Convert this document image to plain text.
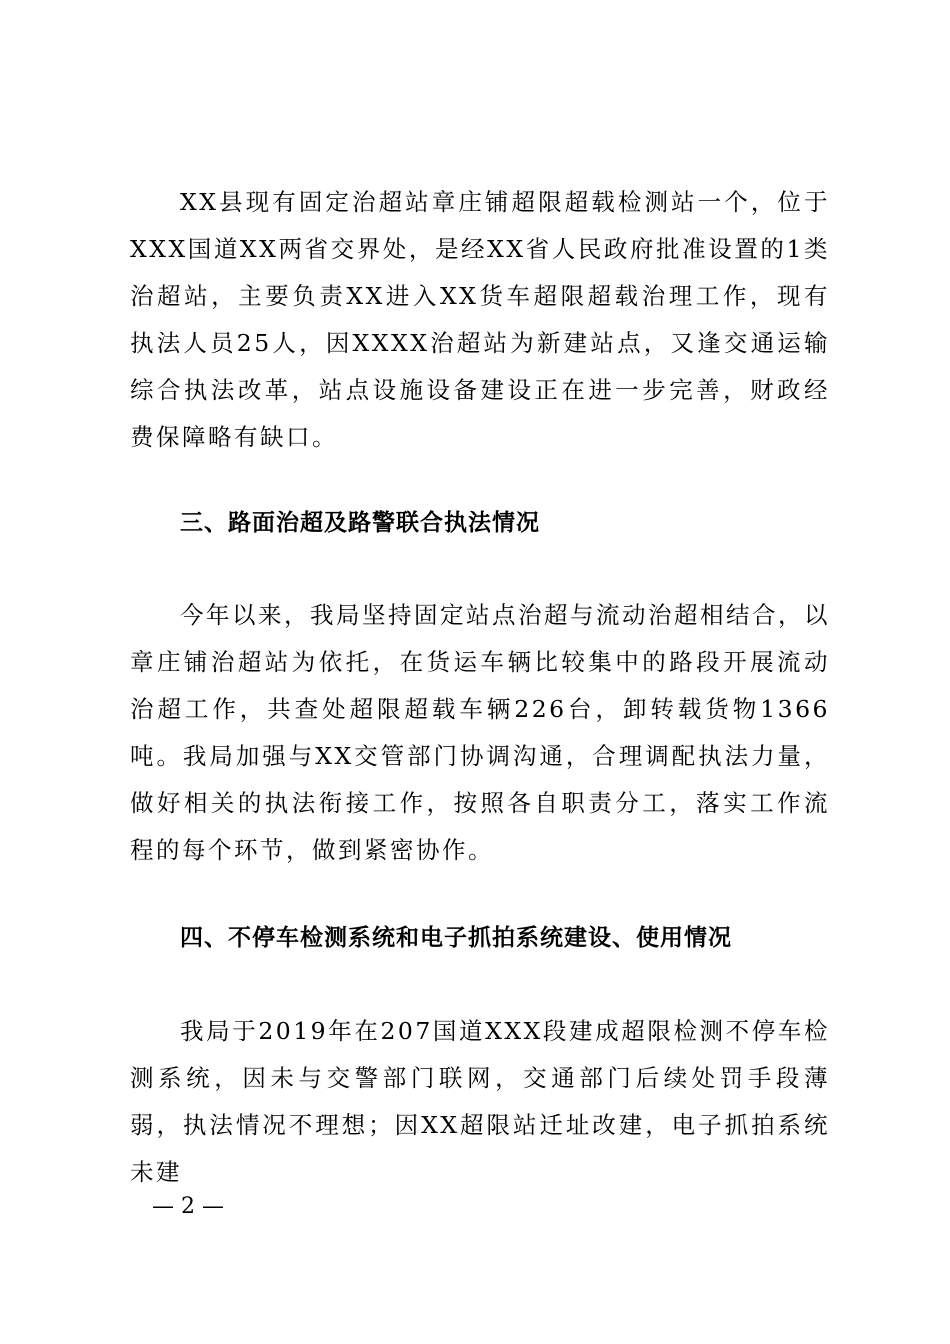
XX县现有固定治超站章庄铺超限超载检测站一个，位于XXX国道XX两省交界处，是经XX省人民政府批准设置的1类治超站，主要负责XX进入XX货车超限超载治理工作，现有执法人员25人，因XXXX治超站为新建站点，又逢交通运输综合执法改革，站点设施设备建设正在进一步完善，财政经费保障略有缺口。

三、路面治超及路警联合执法情况

今年以来，我局坚持固定站点治超与流动治超相结合，以章庄铺治超站为依托，在货运车辆比较集中的路段开展流动治超工作，共查处超限超载车辆226台，卸转载货物1366吨。我局加强与XX交管部门协调沟通，合理调配执法力量，做好相关的执法衔接工作，按照各自职责分工，落实工作流程的每个环节，做到紧密协作。

四、不停车检测系统和电子抓拍系统建设、使用情况

我局于2019年在207国道XXX段建成超限检测不停车检测系统，因未与交警部门联网，交通部门后续处罚手段薄弱，执法情况不理想；因XX超限站迁址改建，电子抓拍系统未建

— 2 —
